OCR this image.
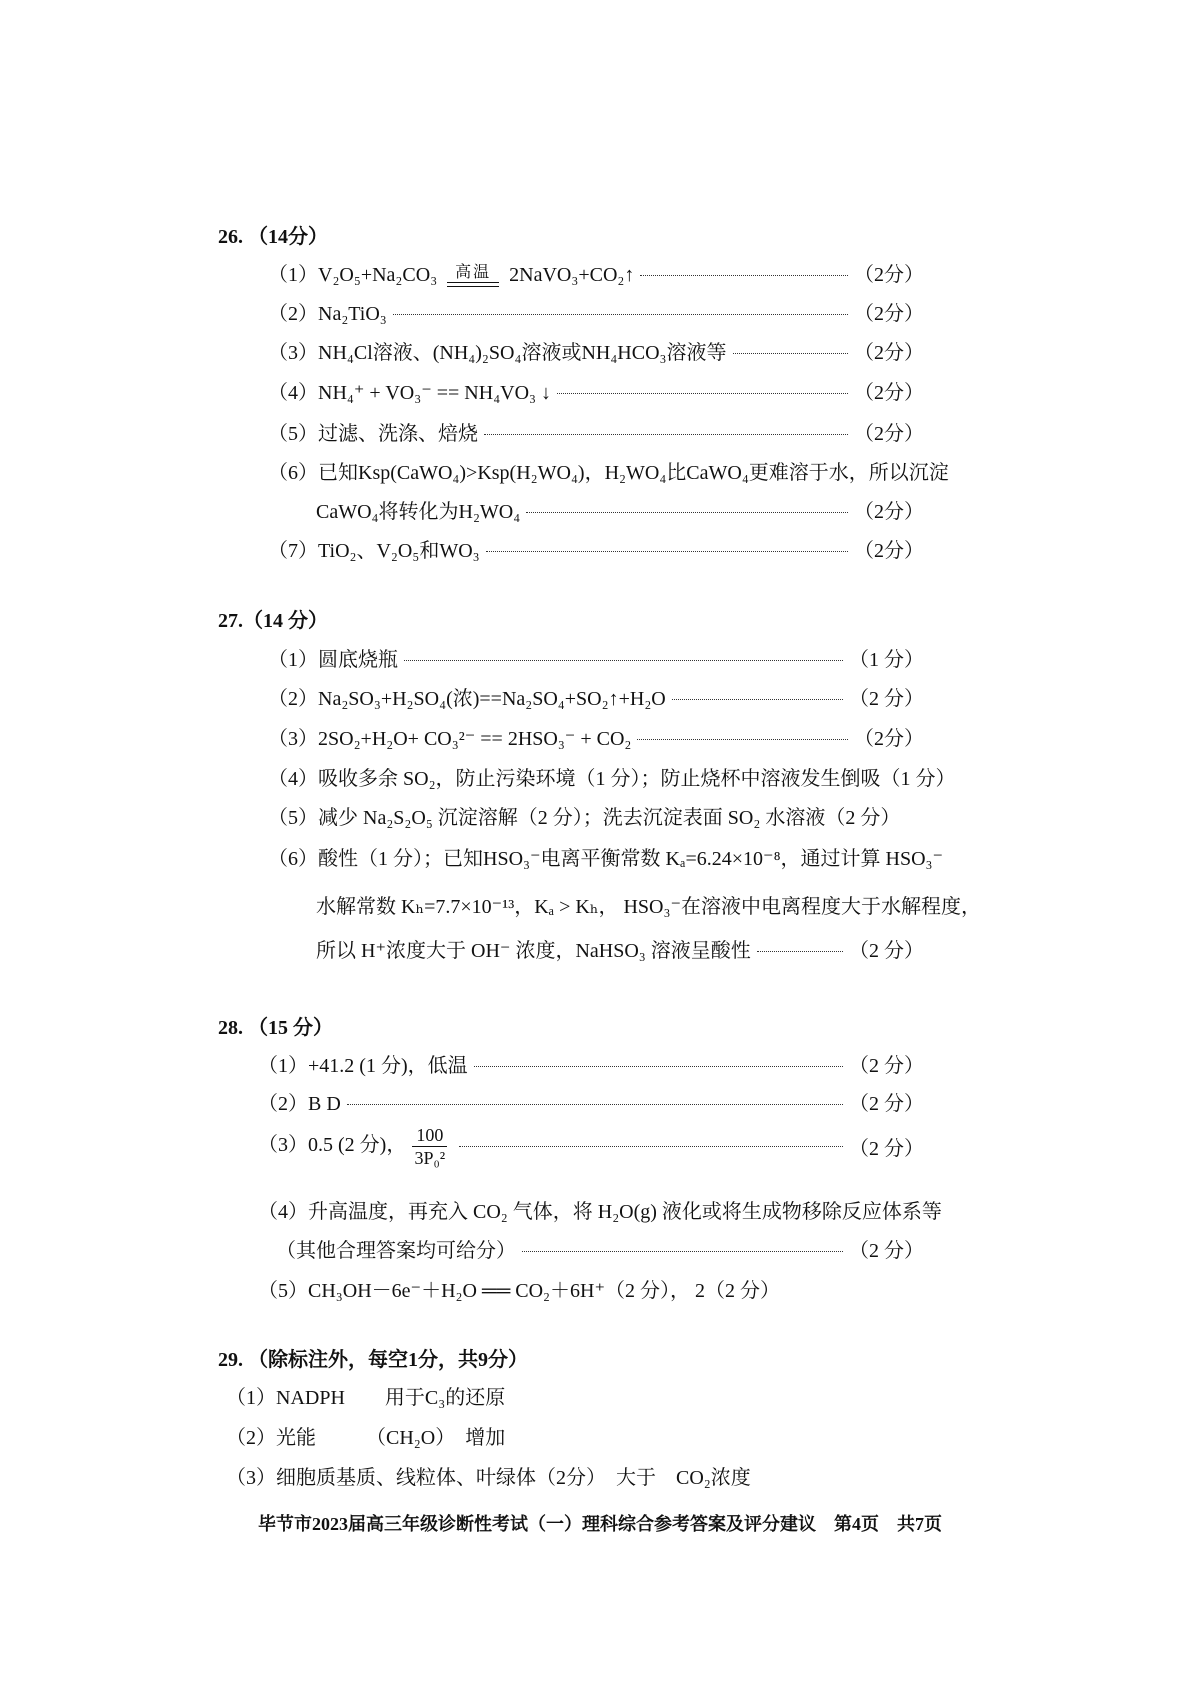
26. （14分）
（1）V₂O₅+Na₂CO₃ 高温 2NaVO₃+CO₂↑	（2分）
（2）Na₂TiO₃	（2分）
（3）NH₄Cl溶液、(NH₄)₂SO₄溶液或NH₄HCO₃溶液等	（2分）
（4）NH₄⁺ + VO₃⁻ == NH₄VO₃ ↓	（2分）
（5）过滤、洗涤、焙烧	（2分）
（6）已知Ksp(CaWO₄)>Ksp(H₂WO₄)，H₂WO₄比CaWO₄更难溶于水，所以沉淀
CaWO₄将转化为H₂WO₄	（2分）
（7）TiO₂、V₂O₅和WO₃	（2分）
27.（14 分）
（1）圆底烧瓶	（1 分）
（2）Na₂SO₃+H₂SO₄(浓)==Na₂SO₄+SO₂↑+H₂O	（2 分）
（3）2SO₂+H₂O+ CO₃²⁻ == 2HSO₃⁻ + CO₂	（2分）
（4）吸收多余 SO₂，防止污染环境（1 分）；防止烧杯中溶液发生倒吸（1 分）
（5）减少 Na₂S₂O₅ 沉淀溶解（2 分）；洗去沉淀表面 SO₂ 水溶液（2 分）
（6）酸性（1 分）；已知HSO₃⁻电离平衡常数 Kₐ=6.24×10⁻⁸，通过计算 HSO₃⁻
水解常数 Kₕ=7.7×10⁻¹³，Kₐ > Kₕ， HSO₃⁻在溶液中电离程度大于水解程度，
所以 H⁺浓度大于 OH⁻ 浓度，NaHSO₃ 溶液呈酸性	（2 分）
28. （15 分）
（1）+41.2 (1 分)，低温	（2 分）
（2）B D	（2 分）
（3）0.5 (2 分)， $\frac{100}{\text{3P₀²}}$	（2 分）
（4）升高温度，再充入 CO₂ 气体，将 H₂O(g) 液化或将生成物移除反应体系等
（其他合理答案均可给分）	（2 分）
（5）CH₃OH－6e⁻＋H₂O ══ CO₂＋6H⁺（2 分）， 2（2 分）
29. （除标注外，每空1分，共9分）
（1）NADPH　　用于C₃的还原
（2）光能　　　（CH₂O）　增加
（3）细胞质基质、线粒体、叶绿体（2分）　大于　CO₂浓度
毕节市2023届高三年级诊断性考试（一）理科综合参考答案及评分建议　第4页　共7页
